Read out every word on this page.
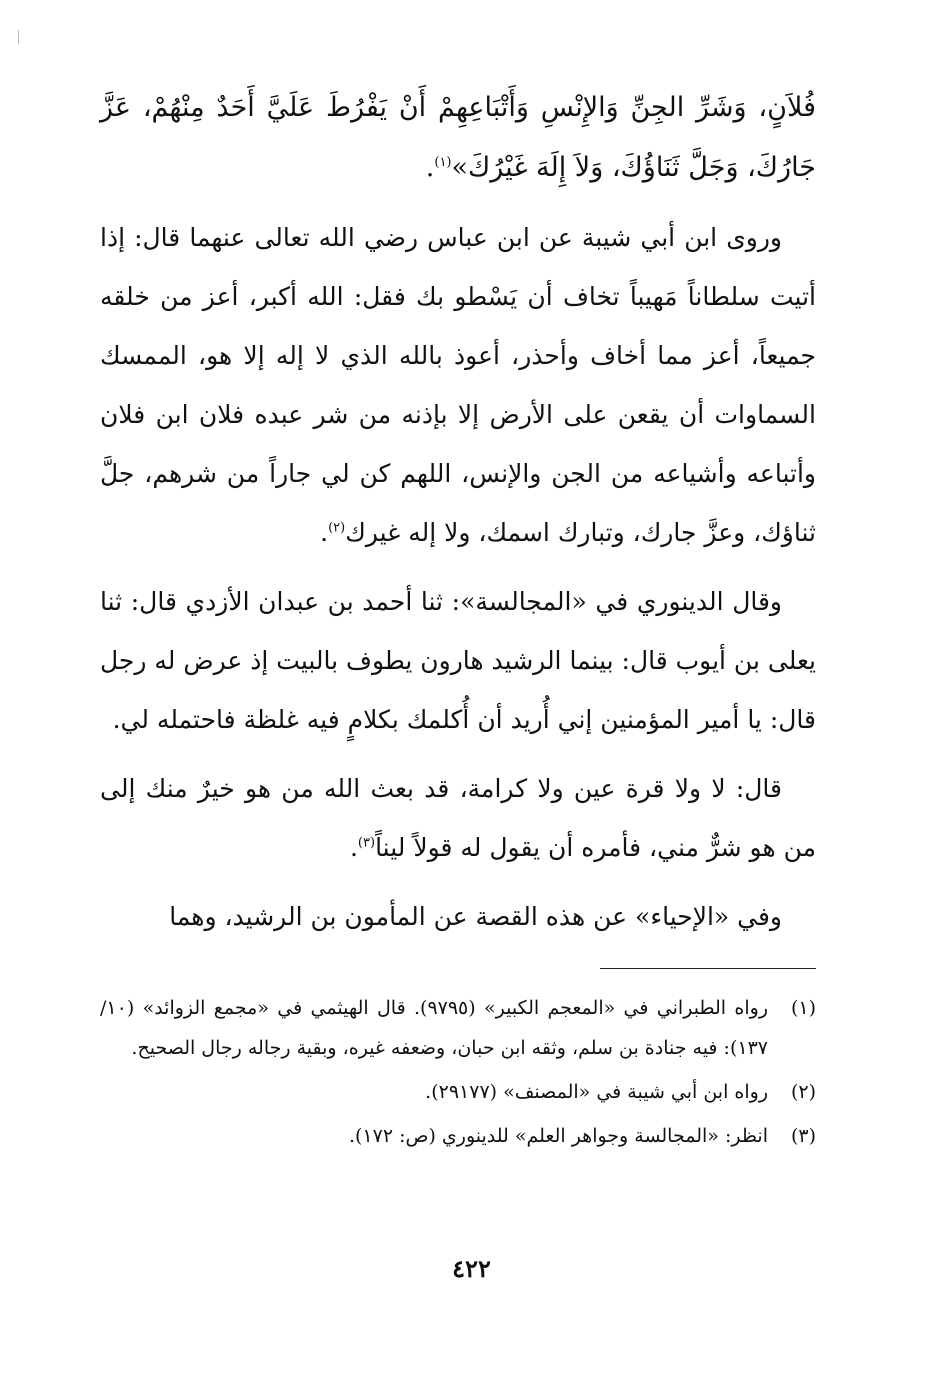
فُلاَنٍ، وَشَرِّ الجِنِّ وَالإِنْسِ وَأَتْبَاعِهِمْ أَنْ يَفْرُطَ عَلَيَّ أَحَدٌ مِنْهُمْ، عَزَّ جَارُكَ، وَجَلَّ ثَنَاؤُكَ، وَلاَ إِلَهَ غَيْرُكَ»$^{(١)}$.

وروى ابن أبي شيبة عن ابن عباس رضي الله تعالى عنهما قال: إذا أتيت سلطاناً مَهيباً تخاف أن يَسْطو بك فقل: الله أكبر، أعز من خلقه جميعاً، أعز مما أخاف وأحذر، أعوذ بالله الذي لا إله إلا هو، الممسك السماوات أن يقعن على الأرض إلا بإذنه من شر عبده فلان ابن فلان وأتباعه وأشياعه من الجن والإنس، اللهم كن لي جاراً من شرهم، جلَّ ثناؤك، وعزَّ جارك، وتبارك اسمك، ولا إله غيرك$^{(٢)}$.

وقال الدينوري في «المجالسة»: ثنا أحمد بن عبدان الأزدي قال: ثنا يعلى بن أيوب قال: بينما الرشيد هارون يطوف بالبيت إذ عرض له رجل قال: يا أمير المؤمنين إني أُريد أن أُكلمك بكلامٍ فيه غلظة فاحتمله لي.

قال: لا ولا قرة عين ولا كرامة، قد بعث الله من هو خيرٌ منك إلى من هو شرٌّ مني، فأمره أن يقول له قولاً ليناً$^{(٣)}$.

وفي «الإحياء» عن هذه القصة عن المأمون بن الرشيد، وهما

(١)
رواه الطبراني في «المعجم الكبير» (٩٧٩٥). قال الهيثمي في «مجمع الزوائد» (١٠/ ١٣٧): فيه جنادة بن سلم، وثقه ابن حبان، وضعفه غيره، وبقية رجاله رجال الصحيح.
(٢)
رواه ابن أبي شيبة في «المصنف» (٢٩١٧٧).
(٣)
انظر: «المجالسة وجواهر العلم» للدينوري (ص: ١٧٢).
٤٢٢
